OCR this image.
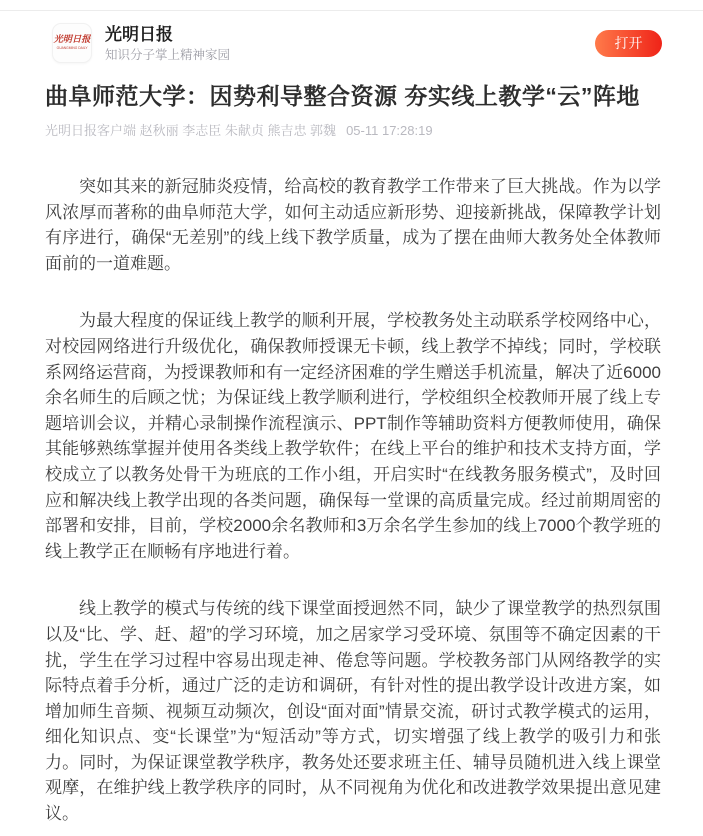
光明日报
GUANGMING DAILY
光明日报
知识分子掌上精神家园
打开
曲阜师范大学：因势利导整合资源 夯实线上教学“云”阵地
光明日报客户端 赵秋丽 李志臣 朱献贞 熊吉忠 郭魏 05-11 17:28:19

突如其来的新冠肺炎疫情，给高校的教育教学工作带来了巨大挑战。作为以学风浓厚而著称的曲阜师范大学，如何主动适应新形势、迎接新挑战，保障教学计划有序进行，确保“无差别”的线上线下教学质量，成为了摆在曲师大教务处全体教师面前的一道难题。

为最大程度的保证线上教学的顺利开展，学校教务处主动联系学校网络中心，对校园网络进行升级优化，确保教师授课无卡顿，线上教学不掉线；同时，学校联系网络运营商，为授课教师和有一定经济困难的学生赠送手机流量，解决了近6000余名师生的后顾之忧；为保证线上教学顺利进行，学校组织全校教师开展了线上专题培训会议，并精心录制操作流程演示、PPT制作等辅助资料方便教师使用，确保其能够熟练掌握并使用各类线上教学软件；在线上平台的维护和技术支持方面，学校成立了以教务处骨干为班底的工作小组，开启实时“在线教务服务模式”，及时回应和解决线上教学出现的各类问题，确保每一堂课的高质量完成。经过前期周密的部署和安排，目前，学校2000余名教师和3万余名学生参加的线上7000个教学班的线上教学正在顺畅有序地进行着。

线上教学的模式与传统的线下课堂面授迥然不同，缺少了课堂教学的热烈氛围以及“比、学、赶、超”的学习环境，加之居家学习受环境、氛围等不确定因素的干扰，学生在学习过程中容易出现走神、倦怠等问题。学校教务部门从网络教学的实际特点着手分析，通过广泛的走访和调研，有针对性的提出教学设计改进方案，如增加师生音频、视频互动频次，创设“面对面”情景交流，研讨式教学模式的运用，细化知识点、变“长课堂”为“短活动”等方式，切实增强了线上教学的吸引力和张力。同时，为保证课堂教学秩序，教务处还要求班主任、辅导员随机进入线上课堂观摩，在维护线上教学秩序的同时，从不同视角为优化和改进教学效果提出意见建议。
